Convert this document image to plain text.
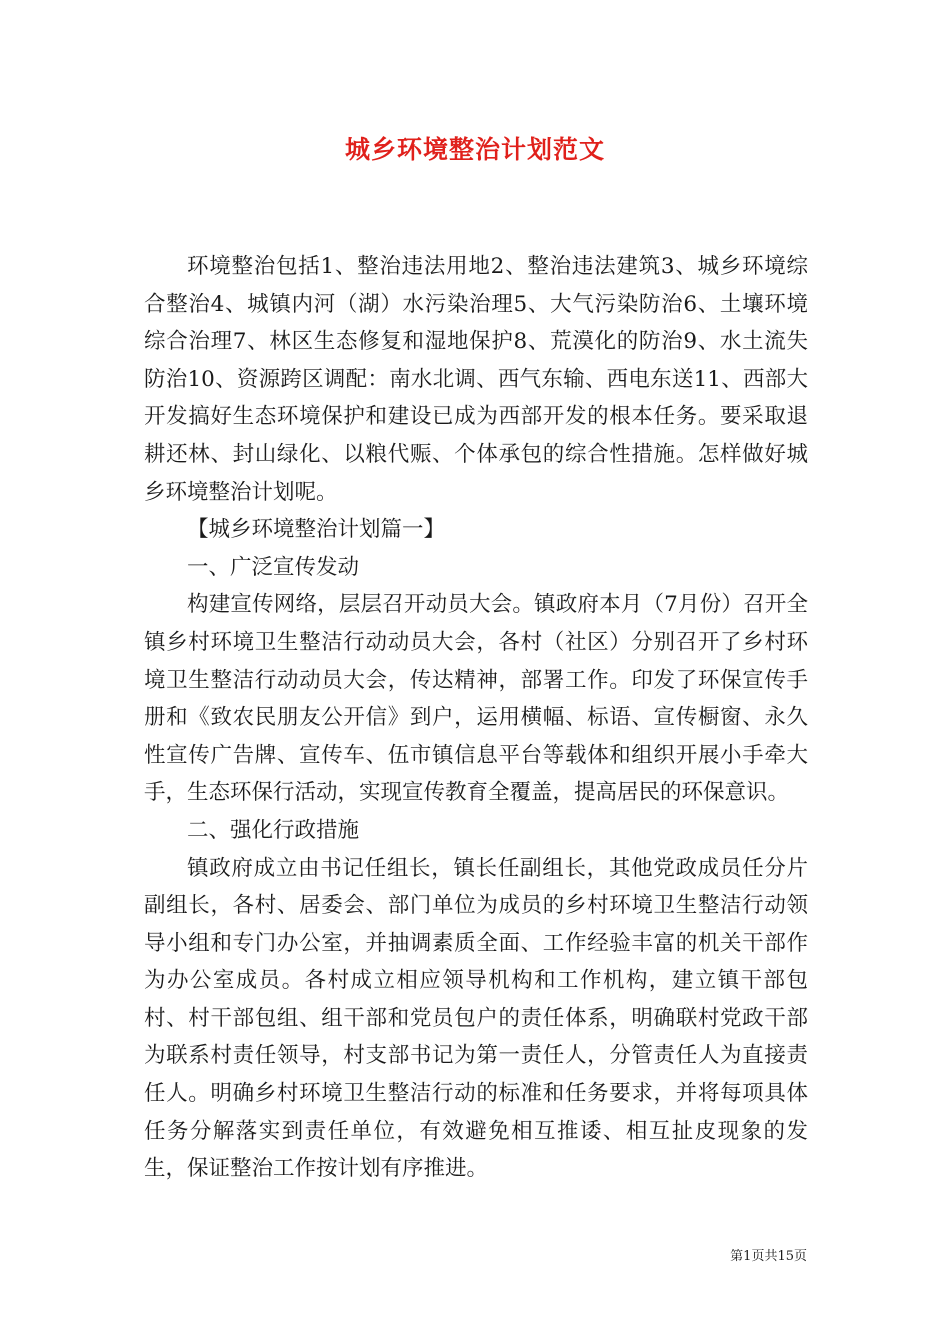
城乡环境整治计划范文

环境整治包括1、整治违法用地2、整治违法建筑3、城乡环境综合整治4、城镇内河（湖）水污染治理5、大气污染防治6、土壤环境综合治理7、林区生态修复和湿地保护8、荒漠化的防治9、水土流失防治10、资源跨区调配：南水北调、西气东输、西电东送11、西部大开发搞好生态环境保护和建设已成为西部开发的根本任务。要采取退耕还林、封山绿化、以粮代赈、个体承包的综合性措施。怎样做好城乡环境整治计划呢。

【城乡环境整治计划篇一】

一、广泛宣传发动

构建宣传网络，层层召开动员大会。镇政府本月（7月份）召开全镇乡村环境卫生整洁行动动员大会，各村（社区）分别召开了乡村环境卫生整洁行动动员大会，传达精神，部署工作。印发了环保宣传手册和《致农民朋友公开信》到户，运用横幅、标语、宣传橱窗、永久性宣传广告牌、宣传车、伍市镇信息平台等载体和组织开展小手牵大手，生态环保行活动，实现宣传教育全覆盖，提高居民的环保意识。

二、强化行政措施

镇政府成立由书记任组长，镇长任副组长，其他党政成员任分片副组长，各村、居委会、部门单位为成员的乡村环境卫生整洁行动领导小组和专门办公室，并抽调素质全面、工作经验丰富的机关干部作为办公室成员。各村成立相应领导机构和工作机构，建立镇干部包村、村干部包组、组干部和党员包户的责任体系，明确联村党政干部为联系村责任领导，村支部书记为第一责任人，分管责任人为直接责任人。明确乡村环境卫生整洁行动的标准和任务要求，并将每项具体任务分解落实到责任单位，有效避免相互推诿、相互扯皮现象的发生，保证整治工作按计划有序推进。

第1页共15页
